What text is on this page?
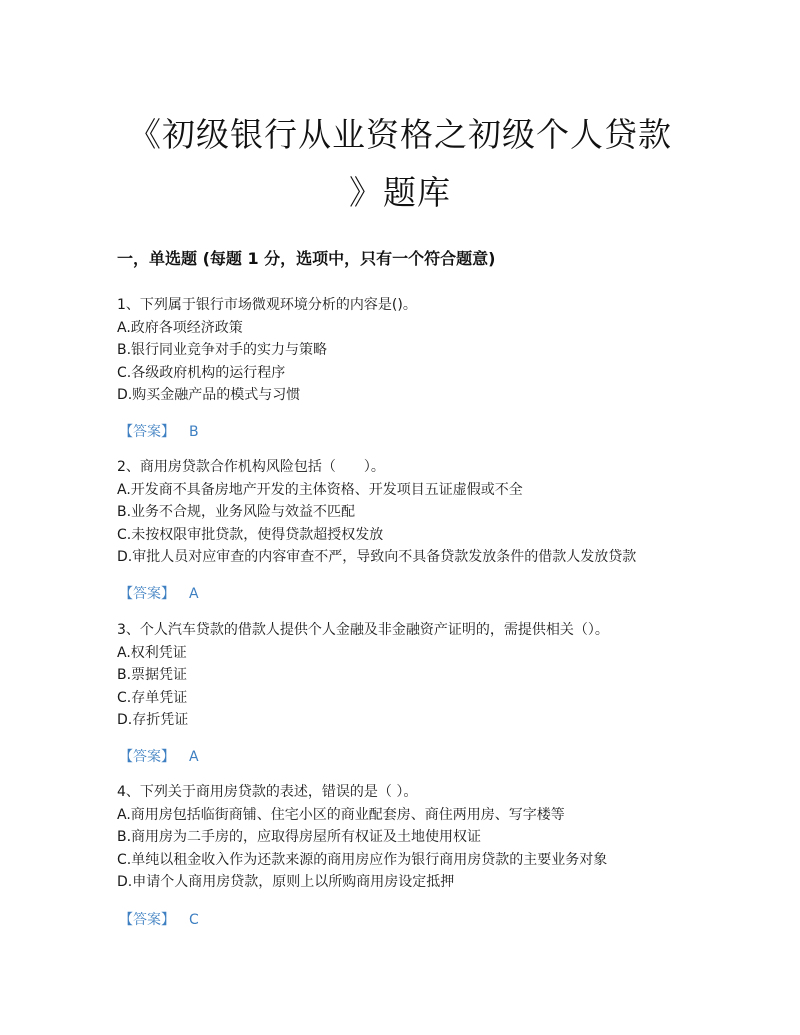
《初级银行从业资格之初级个人贷款
》题库
一，单选题 (每题 1 分，选项中，只有一个符合题意)
1、下列属于银行市场微观环境分析的内容是()。
A.政府各项经济政策
B.银行同业竞争对手的实力与策略
C.各级政府机构的运行程序
D.购买金融产品的模式与习惯
【答案】 B
2、商用房贷款合作机构风险包括（　　）。
A.开发商不具备房地产开发的主体资格、开发项目五证虚假或不全
B.业务不合规，业务风险与效益不匹配
C.未按权限审批贷款，使得贷款超授权发放
D.审批人员对应审查的内容审查不严，导致向不具备贷款发放条件的借款人发放贷款
【答案】 A
3、个人汽车贷款的借款人提供个人金融及非金融资产证明的，需提供相关（）。
A.权利凭证
B.票据凭证
C.存单凭证
D.存折凭证
【答案】 A
4、下列关于商用房贷款的表述，错误的是（ ）。
A.商用房包括临街商铺、住宅小区的商业配套房、商住两用房、写字楼等
B.商用房为二手房的，应取得房屋所有权证及土地使用权证
C.单纯以租金收入作为还款来源的商用房应作为银行商用房贷款的主要业务对象
D.申请个人商用房贷款，原则上以所购商用房设定抵押
【答案】 C
